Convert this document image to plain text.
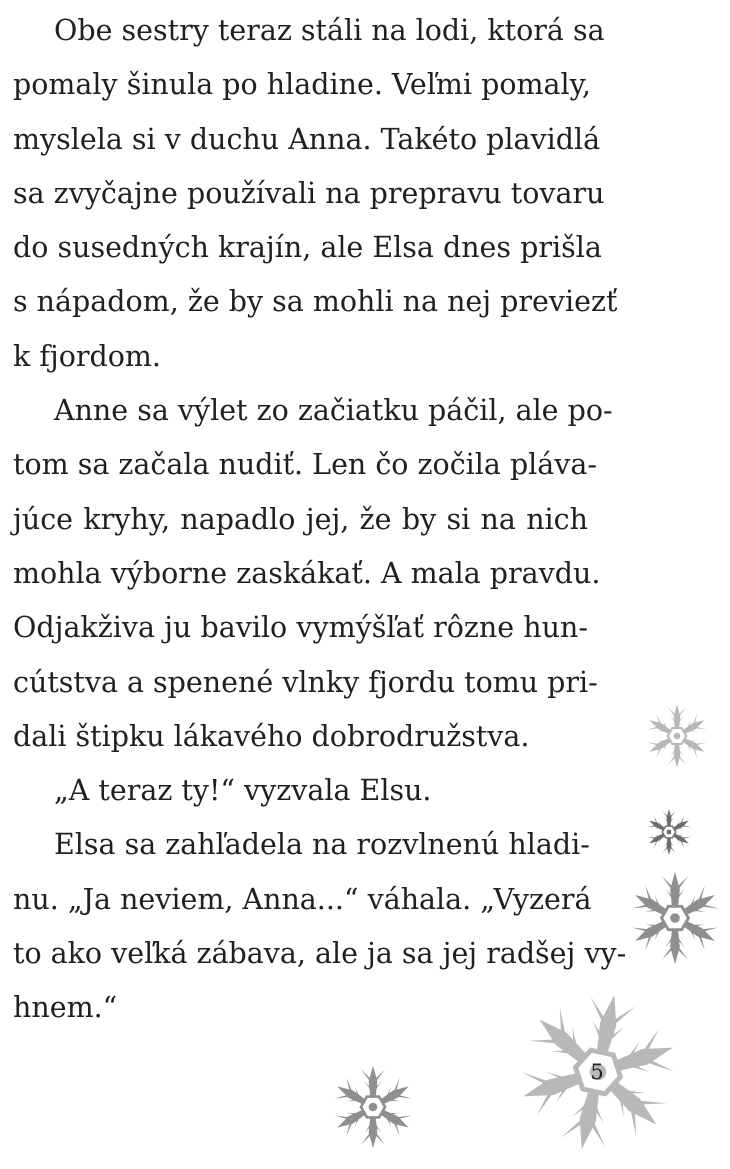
Obe sestry teraz stáli na lodi, ktorá sa
pomaly šinula po hladine. Veľmi pomaly,
myslela si v duchu Anna. Takéto plavidlá
sa zvyčajne používali na prepravu tovaru
do susedných krajín, ale Elsa dnes prišla
s nápadom, že by sa mohli na nej previezť
k fjordom.
Anne sa výlet zo začiatku páčil, ale po-
tom sa začala nudiť. Len čo zočila pláva-
júce kryhy, napadlo jej, že by si na nich
mohla výborne zaskákať. A mala pravdu.
Odjakživa ju bavilo vymýšľať rôzne hun-
cútstva a spenené vlnky fjordu tomu pri-
dali štipku lákavého dobrodružstva.
„A teraz ty!“ vyzvala Elsu.
Elsa sa zahľadela na rozvlnenú hladi-
nu. „Ja neviem, Anna...“ váhala. „Vyzerá
to ako veľká zábava, ale ja sa jej radšej vy-
hnem.“
5
